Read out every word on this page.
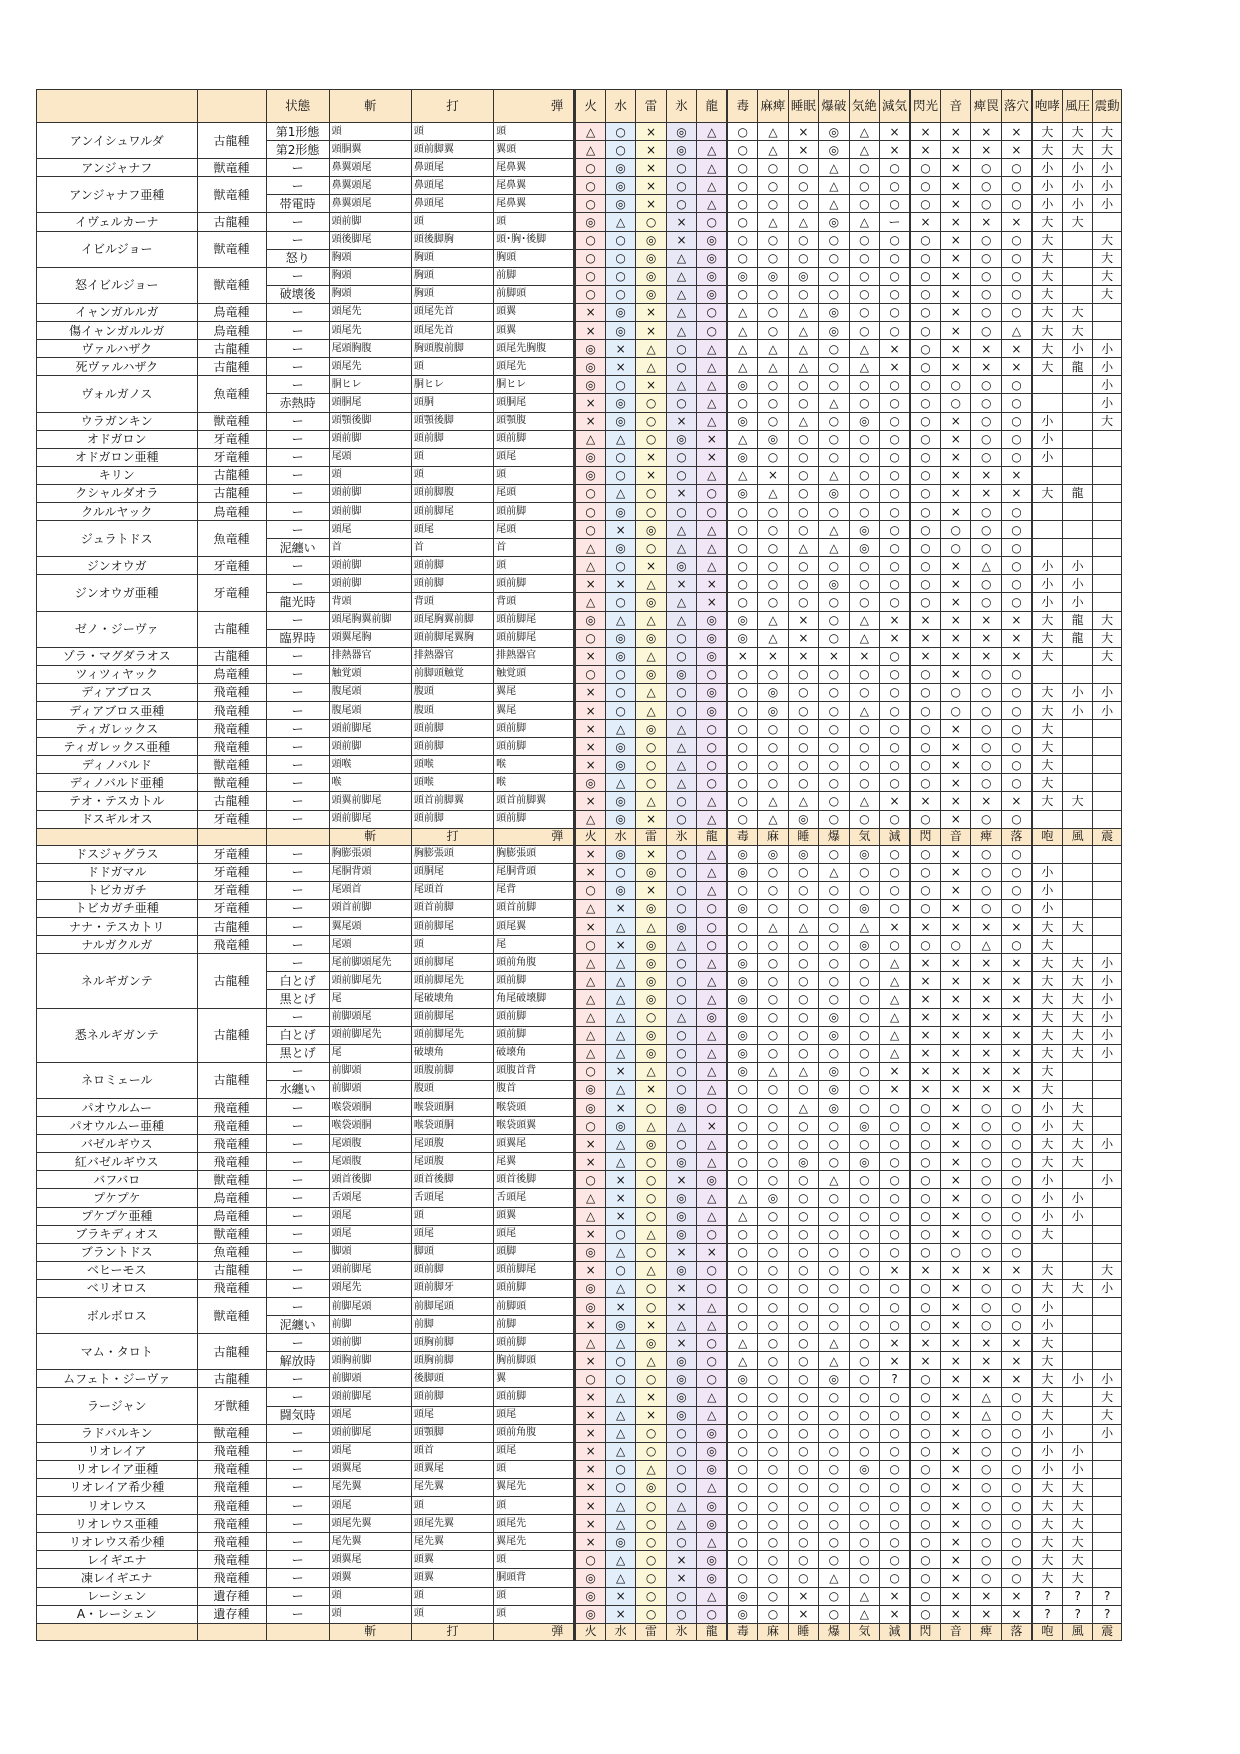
		状態	斬	打	弾	火	水	雷	氷	龍	毒	麻痺	睡眠	爆破	気絶	減気	閃光	音	痺罠	落穴	咆哮	風圧	震動
アンイシュワルダ	古龍種	第1形態	頭	頭	頭	△	○	×	◎	△	○	△	×	◎	△	×	×	×	×	×	大	大	大
		第2形態	頭胴翼	頭前脚翼	翼頭	△	○	×	◎	△	○	△	×	◎	△	×	×	×	×	×	大	大	大
アンジャナフ	獣竜種	ー	鼻翼頭尾	鼻頭尾	尾鼻翼	○	◎	×	○	△	○	○	○	△	○	○	○	×	○	○	小	小	小
アンジャナフ亜種	獣竜種	ー	鼻翼頭尾	鼻頭尾	尾鼻翼	○	◎	×	○	△	○	○	○	△	○	○	○	×	○	○	小	小	小
		帯電時	鼻翼頭尾	鼻頭尾	尾鼻翼	○	◎	×	○	△	○	○	○	△	○	○	○	×	○	○	小	小	小
イヴェルカーナ	古龍種	ー	頭前脚	頭	頭	◎	△	○	×	○	○	△	△	◎	△	ー	×	×	×	×	大	大	
イビルジョー	獣竜種	ー	頭後脚尾	頭後脚胸	頭･胸･後脚	○	○	◎	×	◎	○	○	○	○	○	○	○	×	○	○	大		大
		怒り	胸頭	胸頭	胸頭	○	○	◎	△	◎	○	○	○	○	○	○	○	×	○	○	大		大
怒イビルジョー	獣竜種	ー	胸頭	胸頭	前脚	○	○	◎	△	◎	◎	◎	◎	○	○	○	○	×	○	○	大		大
		破壊後	胸頭	胸頭	前脚頭	○	○	◎	△	◎	○	○	○	○	○	○	○	×	○	○	大		大
イャンガルルガ	鳥竜種	ー	頭尾先	頭尾先首	頭翼	×	◎	×	△	○	△	○	△	◎	○	○	○	×	○	○	大	大	
傷イャンガルルガ	鳥竜種	ー	頭尾先	頭尾先首	頭翼	×	◎	×	△	○	△	○	△	◎	○	○	○	×	○	△	大	大	
ヴァルハザク	古龍種	ー	尾頭胸腹	胸頭腹前脚	頭尾先胸腹	◎	×	△	○	△	△	△	△	○	△	×	○	×	×	×	大	小	小
死ヴァルハザク	古龍種	ー	頭尾先	頭	頭尾先	◎	×	△	○	△	△	△	△	○	△	×	○	×	×	×	大	龍	小
ヴォルガノス	魚竜種	ー	胴ヒレ	胴ヒレ	胴ヒレ	◎	○	×	△	△	◎	○	○	○	○	○	○	○	○	○			小
		赤熱時	頭胴尾	頭胴	頭胴尾	×	◎	○	○	△	○	○	○	△	○	○	○	○	○	○			小
ウラガンキン	獣竜種	ー	頭顎後脚	頭顎後脚	頭顎腹	×	◎	○	×	△	◎	○	△	○	◎	○	○	×	○	○	小		大
オドガロン	牙竜種	ー	頭前脚	頭前脚	頭前脚	△	△	○	◎	×	△	◎	○	○	○	○	○	×	○	○	小		
オドガロン亜種	牙竜種	ー	尾頭	頭	頭尾	◎	○	×	○	×	◎	○	○	○	○	○	○	×	○	○	小		
キリン	古龍種	ー	頭	頭	頭	◎	○	×	○	△	△	×	○	△	○	○	○	×	×	×			
クシャルダオラ	古龍種	ー	頭前脚	頭前脚腹	尾頭	○	△	○	×	○	◎	△	○	◎	○	○	○	×	×	×	大	龍	
クルルヤック	鳥竜種	ー	頭前脚	頭前脚尾	頭前脚	○	◎	○	○	○	○	○	○	○	○	○	○	×	○	○			
ジュラトドス	魚竜種	ー	頭尾	頭尾	尾頭	○	×	◎	△	△	○	○	○	△	◎	○	○	○	○	○			
		泥纏い	首	首	首	△	◎	○	△	△	○	○	△	△	◎	○	○	○	○	○			
ジンオウガ	牙竜種	ー	頭前脚	頭前脚	頭	△	○	×	◎	△	○	○	○	○	○	○	○	×	△	○	小	小	
ジンオウガ亜種	牙竜種	ー	頭前脚	頭前脚	頭前脚	×	×	△	×	×	○	○	○	◎	○	○	○	×	○	○	小	小	
		龍光時	背頭	背頭	背頭	△	○	◎	△	×	○	○	○	○	○	○	○	×	○	○	小	小	
ゼノ・ジーヴァ	古龍種	ー	頭尾胸翼前脚	頭尾胸翼前脚	頭前脚尾	◎	△	△	△	◎	◎	△	×	○	△	×	×	×	×	×	大	龍	大
		臨界時	頭翼尾胸	頭前脚尾翼胸	頭前脚尾	○	◎	◎	○	◎	◎	△	×	○	△	×	×	×	×	×	大	龍	大
ゾラ・マグダラオス	古龍種	ー	排熱器官	排熱器官	排熱器官	×	◎	△	○	◎	×	×	×	×	×	○	×	×	×	×	大		大
ツィツィヤック	鳥竜種	ー	触覚頭	前脚頭触覚	触覚頭	○	○	◎	◎	○	○	○	○	○	○	○	○	×	○	○			
ディアブロス	飛竜種	ー	腹尾頭	腹頭	翼尾	×	○	△	○	◎	○	◎	○	○	○	○	○	○	○	○	大	小	小
ディアブロス亜種	飛竜種	ー	腹尾頭	腹頭	翼尾	×	○	△	○	◎	○	◎	○	○	△	○	○	○	○	○	大	小	小
ティガレックス	飛竜種	ー	頭前脚尾	頭前脚	頭前脚	×	△	◎	△	○	○	○	○	○	○	○	○	×	○	○	大		
ティガレックス亜種	飛竜種	ー	頭前脚	頭前脚	頭前脚	×	◎	○	△	○	○	○	○	○	○	○	○	×	○	○	大		
ディノバルド	獣竜種	ー	頭喉	頭喉	喉	×	◎	○	△	○	○	○	○	○	○	○	○	×	○	○	大		
ディノバルド亜種	獣竜種	ー	喉	頭喉	喉	◎	△	○	△	○	○	○	○	○	○	○	○	×	○	○	大		
テオ・テスカトル	古龍種	ー	頭翼前脚尾	頭首前脚翼	頭首前脚翼	×	◎	△	○	△	○	△	△	○	△	×	×	×	×	×	大	大	
ドスギルオス	牙竜種	ー	頭前脚尾	頭前脚	頭前脚	△	◎	×	○	△	○	△	◎	○	○	○	○	×	○	○			
			斬	打	弾	火	水	雷	氷	龍	毒	麻	睡	爆	気	減	閃	音	痺	落	咆	風	震
ドスジャグラス	牙竜種	ー	胸膨張頭	胸膨張頭	胸膨張頭	×	◎	×	○	△	◎	◎	◎	○	◎	○	○	×	○	○			
ドドガマル	牙竜種	ー	尾胴背頭	頭胴尾	尾胴背頭	×	○	◎	○	△	◎	○	○	△	○	○	○	×	○	○	小		
トビカガチ	牙竜種	ー	尾頭首	尾頭首	尾背	○	◎	×	○	△	○	○	○	○	○	○	○	×	○	○	小		
トビカガチ亜種	牙竜種	ー	頭首前脚	頭首前脚	頭首前脚	△	×	◎	○	○	◎	○	○	○	◎	○	○	×	○	○	小		
ナナ・テスカトリ	古龍種	ー	翼尾頭	頭前脚尾	頭尾翼	×	△	△	◎	○	○	△	△	○	△	×	×	×	×	×	大	大	
ナルガクルガ	飛竜種	ー	尾頭	頭	尾	○	×	◎	△	○	○	○	○	○	◎	○	○	○	△	○	大		
ネルギガンテ	古龍種	ー	尾前脚頭尾先	頭前脚尾	頭前角腹	△	△	◎	○	△	◎	○	○	○	○	△	×	×	×	×	大	大	小
		白とげ	頭前脚尾先	頭前脚尾先	頭前脚	△	△	◎	○	△	◎	○	○	○	○	△	×	×	×	×	大	大	小
		黒とげ	尾	尾破壊角	角尾破壊脚	△	△	◎	○	△	◎	○	○	○	○	△	×	×	×	×	大	大	小
悉ネルギガンテ	古龍種	ー	前脚頭尾	頭前脚尾	頭前脚	△	△	○	△	◎	◎	○	○	◎	○	△	×	×	×	×	大	大	小
		白とげ	頭前脚尾先	頭前脚尾先	頭前脚	△	△	◎	○	△	◎	○	○	◎	○	△	×	×	×	×	大	大	小
		黒とげ	尾	破壊角	破壊角	△	△	◎	○	△	◎	○	○	○	○	△	×	×	×	×	大	大	小
ネロミェール	古龍種	ー	前脚頭	頭腹前脚	頭腹首背	○	×	△	○	△	◎	△	△	◎	○	×	×	×	×	×	大		
		水纏い	前脚頭	腹頭	腹首	◎	△	×	○	△	○	○	○	◎	○	×	×	×	×	×	大		
パオウルムー	飛竜種	ー	喉袋頭胴	喉袋頭胴	喉袋頭	◎	×	○	◎	○	○	○	△	◎	○	○	○	×	○	○	小	大	
パオウルムー亜種	飛竜種	ー	喉袋頭胴	喉袋頭胴	喉袋頭翼	○	◎	△	△	×	○	○	○	○	◎	○	○	×	○	○	小	大	
バゼルギウス	飛竜種	ー	尾頭腹	尾頭腹	頭翼尾	×	△	◎	○	△	○	○	○	○	○	○	○	×	○	○	大	大	小
紅バゼルギウス	飛竜種	ー	尾頭腹	尾頭腹	尾翼	×	△	○	◎	△	○	○	◎	○	◎	○	○	×	○	○	大	大	
バフバロ	獣竜種	ー	頭首後脚	頭首後脚	頭首後脚	○	×	○	×	◎	○	○	○	△	○	○	○	×	○	○	小		小
プケプケ	鳥竜種	ー	舌頭尾	舌頭尾	舌頭尾	△	×	○	◎	△	△	◎	○	○	○	○	○	×	○	○	小	小	
プケプケ亜種	鳥竜種	ー	頭尾	頭	頭翼	△	×	○	◎	△	△	○	○	○	○	○	○	×	○	○	小	小	
ブラキディオス	獣竜種	ー	頭尾	頭尾	頭尾	×	○	△	◎	○	○	○	○	○	○	○	○	×	○	○	大		
ブラントドス	魚竜種	ー	脚頭	脚頭	頭脚	◎	△	○	×	×	○	○	○	○	○	○	○	○	○	○			
ベヒーモス	古龍種	ー	頭前脚尾	頭前脚	頭前脚尾	×	○	△	◎	○	○	○	○	○	○	×	×	×	×	×	大		大
ベリオロス	飛竜種	ー	頭尾先	頭前脚牙	頭前脚	◎	△	○	×	○	○	○	○	○	○	○	○	×	○	○	大	大	小
ボルボロス	獣竜種	ー	前脚尾頭	前脚尾頭	前脚頭	◎	×	○	×	△	○	○	○	○	○	○	○	×	○	○	小		
		泥纏い	前脚	前脚	前脚	×	◎	×	△	△	○	○	○	○	○	○	○	×	○	○	小		
マム・タロト	古龍種	ー	頭前脚	頭胸前脚	頭前脚	△	△	◎	×	○	△	○	○	△	○	×	×	×	×	×	大		
		解放時	頭胸前脚	頭胸前脚	胸前脚頭	×	○	△	◎	○	△	○	○	△	○	×	×	×	×	×	大		
ムフェト・ジーヴァ	古龍種	ー	前脚頭	後脚頭	翼	○	○	○	◎	○	◎	○	○	◎	○	?	○	×	×	×	大	小	小
ラージャン	牙獣種	ー	頭前脚尾	頭前脚	頭前脚	×	△	×	◎	△	○	○	○	○	○	○	○	×	△	○	大		大
		闘気時	頭尾	頭尾	頭尾	×	△	×	◎	△	○	○	○	○	○	○	○	×	△	○	大		大
ラドバルキン	獣竜種	ー	頭前脚尾	頭顎脚	頭前角腹	×	△	○	○	◎	○	○	○	○	○	○	○	×	○	○	小		小
リオレイア	飛竜種	ー	頭尾	頭首	頭尾	×	△	○	○	◎	○	○	○	○	○	○	○	×	○	○	小	小	
リオレイア亜種	飛竜種	ー	頭翼尾	頭翼尾	頭	×	○	△	○	◎	○	○	○	○	◎	○	○	×	○	○	小	小	
リオレイア希少種	飛竜種	ー	尾先翼	尾先翼	翼尾先	×	○	◎	○	△	○	○	○	○	○	○	○	×	○	○	大	大	
リオレウス	飛竜種	ー	頭尾	頭	頭	×	△	○	△	◎	○	○	○	○	○	○	○	×	○	○	大	大	
リオレウス亜種	飛竜種	ー	頭尾先翼	頭尾先翼	頭尾先	×	△	○	△	◎	○	○	○	○	○	○	○	×	○	○	大	大	
リオレウス希少種	飛竜種	ー	尾先翼	尾先翼	翼尾先	×	◎	○	○	△	○	○	○	○	○	○	○	×	○	○	大	大	
レイギエナ	飛竜種	ー	頭翼尾	頭翼	頭	○	△	○	×	◎	○	○	○	○	○	○	○	×	○	○	大	大	
凍レイギエナ	飛竜種	ー	頭翼	頭翼	胴頭背	◎	△	○	×	◎	○	○	○	△	○	○	○	×	○	○	大	大	
レーシェン	遺存種	ー	頭	頭	頭	◎	×	○	○	△	◎	○	×	○	△	×	○	×	×	×	?	?	?
A・レーシェン	遺存種	ー	頭	頭	頭	◎	×	○	○	○	◎	○	×	○	△	×	○	×	×	×	?	?	?
			斬	打	弾	火	水	雷	氷	龍	毒	麻	睡	爆	気	減	閃	音	痺	落	咆	風	震
